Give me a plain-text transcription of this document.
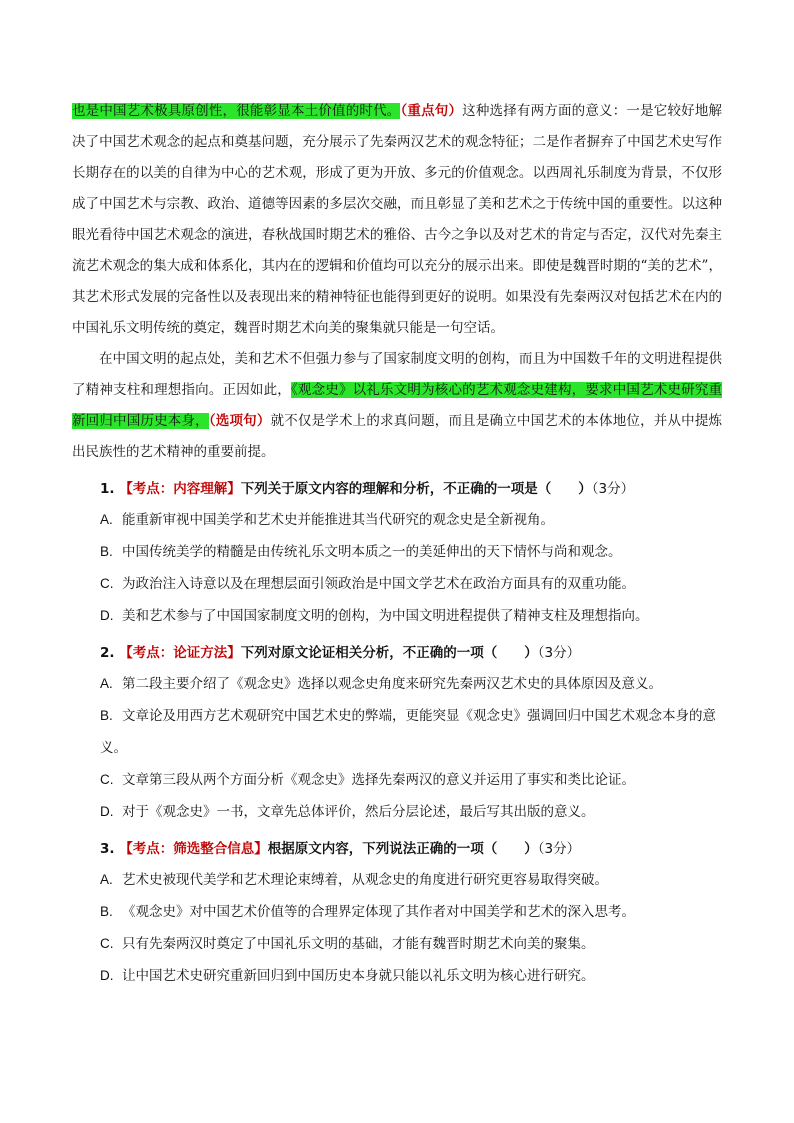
也是中国艺术极具原创性，很能彰显本土价值的时代。（重点句）这种选择有两方面的意义：一是它较好地解决了中国艺术观念的起点和奠基问题，充分展示了先秦两汉艺术的观念特征；二是作者摒弃了中国艺术史写作长期存在的以美的自律为中心的艺术观，形成了更为开放、多元的价值观念。以西周礼乐制度为背景，不仅形成了中国艺术与宗教、政治、道德等因素的多层次交融，而且彰显了美和艺术之于传统中国的重要性。以这种眼光看待中国艺术观念的演进，春秋战国时期艺术的雅俗、古今之争以及对艺术的肯定与否定，汉代对先秦主流艺术观念的集大成和体系化，其内在的逻辑和价值均可以充分的展示出来。即使是魏晋时期的“美的艺术”，其艺术形式发展的完备性以及表现出来的精神特征也能得到更好的说明。如果没有先秦两汉对包括艺术在内的中国礼乐文明传统的奠定，魏晋时期艺术向美的聚集就只能是一句空话。

在中国文明的起点处，美和艺术不但强力参与了国家制度文明的创构，而且为中国数千年的文明进程提供了精神支柱和理想指向。正因如此，《观念史》以礼乐文明为核心的艺术观念史建构，要求中国艺术史研究重新回归中国历史本身，（选项句）就不仅是学术上的求真问题，而且是确立中国艺术的本体地位，并从中提炼出民族性的艺术精神的重要前提。

1. 【考点：内容理解】下列关于原文内容的理解和分析，不正确的一项是（　　）（3分）
A. 能重新审视中国美学和艺术史并能推进其当代研究的观念史是全新视角。
B. 中国传统美学的精髓是由传统礼乐文明本质之一的美延伸出的天下情怀与尚和观念。
C. 为政治注入诗意以及在理想层面引领政治是中国文学艺术在政治方面具有的双重功能。
D. 美和艺术参与了中国国家制度文明的创构，为中国文明进程提供了精神支柱及理想指向。
2. 【考点：论证方法】下列对原文论证相关分析，不正确的一项（　　）（3分）
A. 第二段主要介绍了《观念史》选择以观念史角度来研究先秦两汉艺术史的具体原因及意义。
B. 文章论及用西方艺术观研究中国艺术史的弊端，更能突显《观念史》强调回归中国艺术观念本身的意义。
C. 文章第三段从两个方面分析《观念史》选择先秦两汉的意义并运用了事实和类比论证。
D. 对于《观念史》一书，文章先总体评价，然后分层论述，最后写其出版的意义。
3. 【考点：筛选整合信息】根据原文内容，下列说法正确的一项（　　）（3分）
A. 艺术史被现代美学和艺术理论束缚着，从观念史的角度进行研究更容易取得突破。
B. 《观念史》对中国艺术价值等的合理界定体现了其作者对中国美学和艺术的深入思考。
C. 只有先秦两汉时奠定了中国礼乐文明的基础，才能有魏晋时期艺术向美的聚集。
D. 让中国艺术史研究重新回归到中国历史本身就只能以礼乐文明为核心进行研究。
